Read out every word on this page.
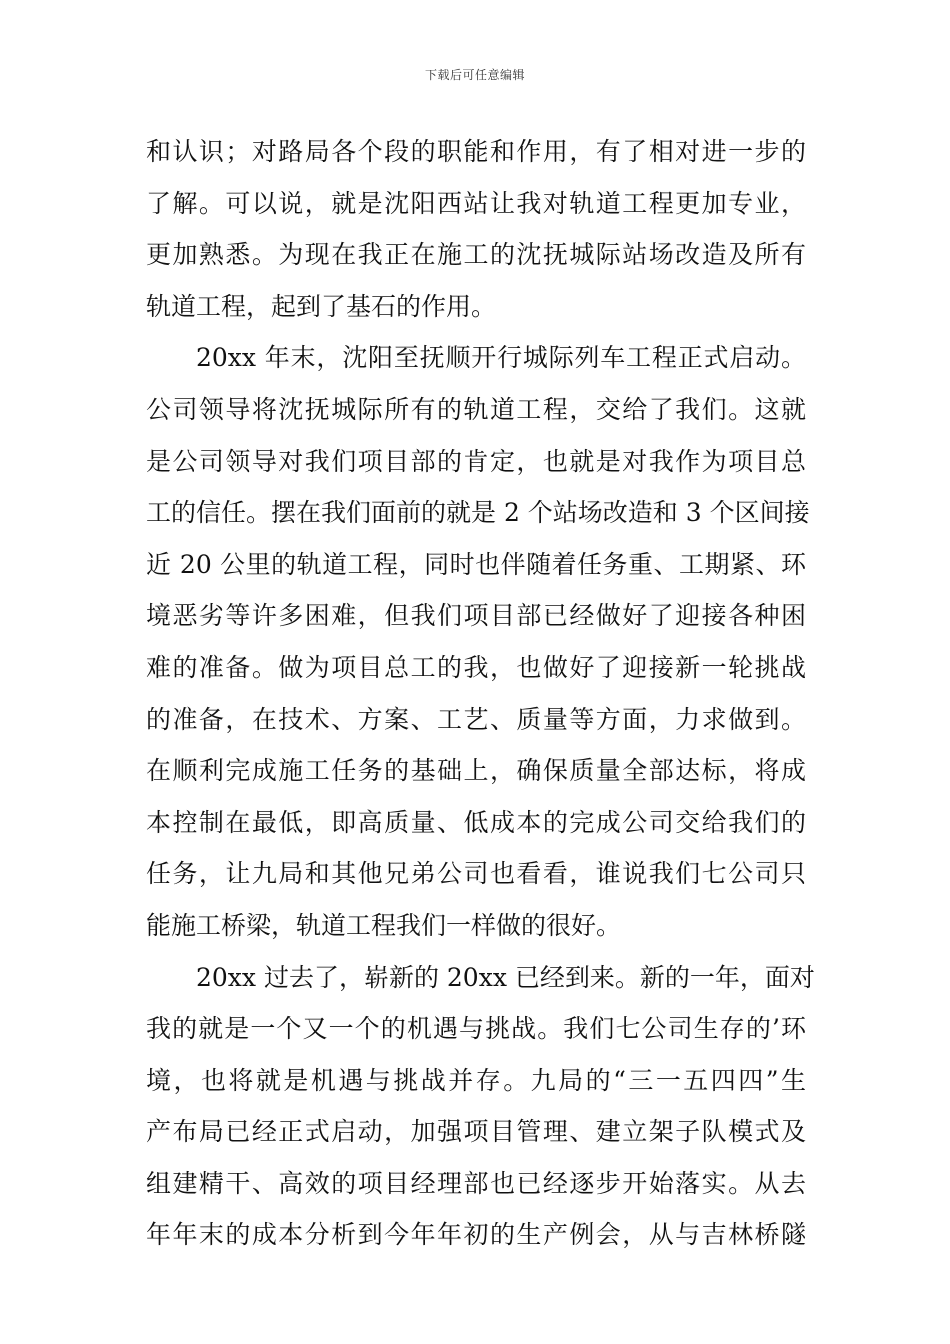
下载后可任意编辑
和认识；对路局各个段的职能和作用，有了相对进一步的
了解。可以说，就是沈阳西站让我对轨道工程更加专业，
更加熟悉。为现在我正在施工的沈抚城际站场改造及所有
轨道工程，起到了基石的作用。
20xx 年末，沈阳至抚顺开行城际列车工程正式启动。
公司领导将沈抚城际所有的轨道工程，交给了我们。这就
是公司领导对我们项目部的肯定，也就是对我作为项目总
工的信任。摆在我们面前的就是 2 个站场改造和 3 个区间接
近 20 公里的轨道工程，同时也伴随着任务重、工期紧、环
境恶劣等许多困难，但我们项目部已经做好了迎接各种困
难的准备。做为项目总工的我，也做好了迎接新一轮挑战
的准备，在技术、方案、工艺、质量等方面，力求做到。
在顺利完成施工任务的基础上，确保质量全部达标，将成
本控制在最低，即高质量、低成本的完成公司交给我们的
任务，让九局和其他兄弟公司也看看，谁说我们七公司只
能施工桥梁，轨道工程我们一样做的很好。
20xx 过去了，崭新的 20xx 已经到来。新的一年，面对
我的就是一个又一个的机遇与挑战。我们七公司生存的’环
境，也将就是机遇与挑战并存。九局的“三一五四四”生
产布局已经正式启动，加强项目管理、建立架子队模式及
组建精干、高效的项目经理部也已经逐步开始落实。从去
年年末的成本分析到今年年初的生产例会，从与吉林桥隧
